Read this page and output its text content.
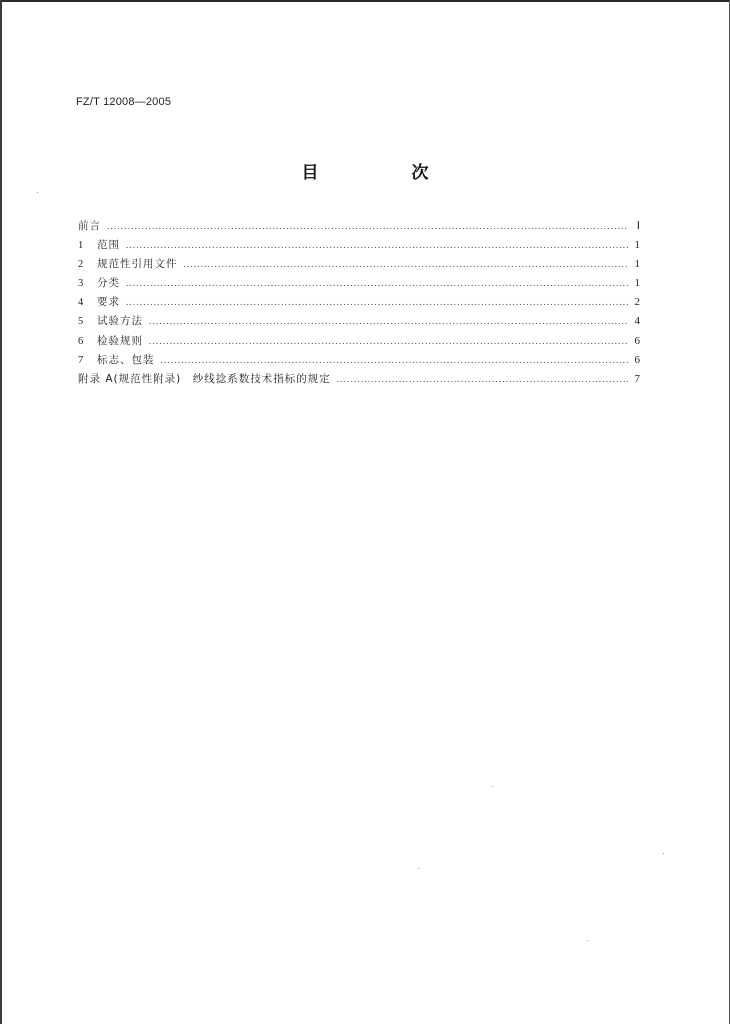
FZ/T 12008—2005
目　次
前言 .....	Ⅰ
1	范围 .....	1
2	规范性引用文件 .....	1
3	分类 .....	1
4	要求 .....	2
5	试验方法 .....	4
6	检验规则 .....	6
7	标志、包装 .....	6
附录 A(规范性附录)　纱线捻系数技术指标的规定 .....	7
